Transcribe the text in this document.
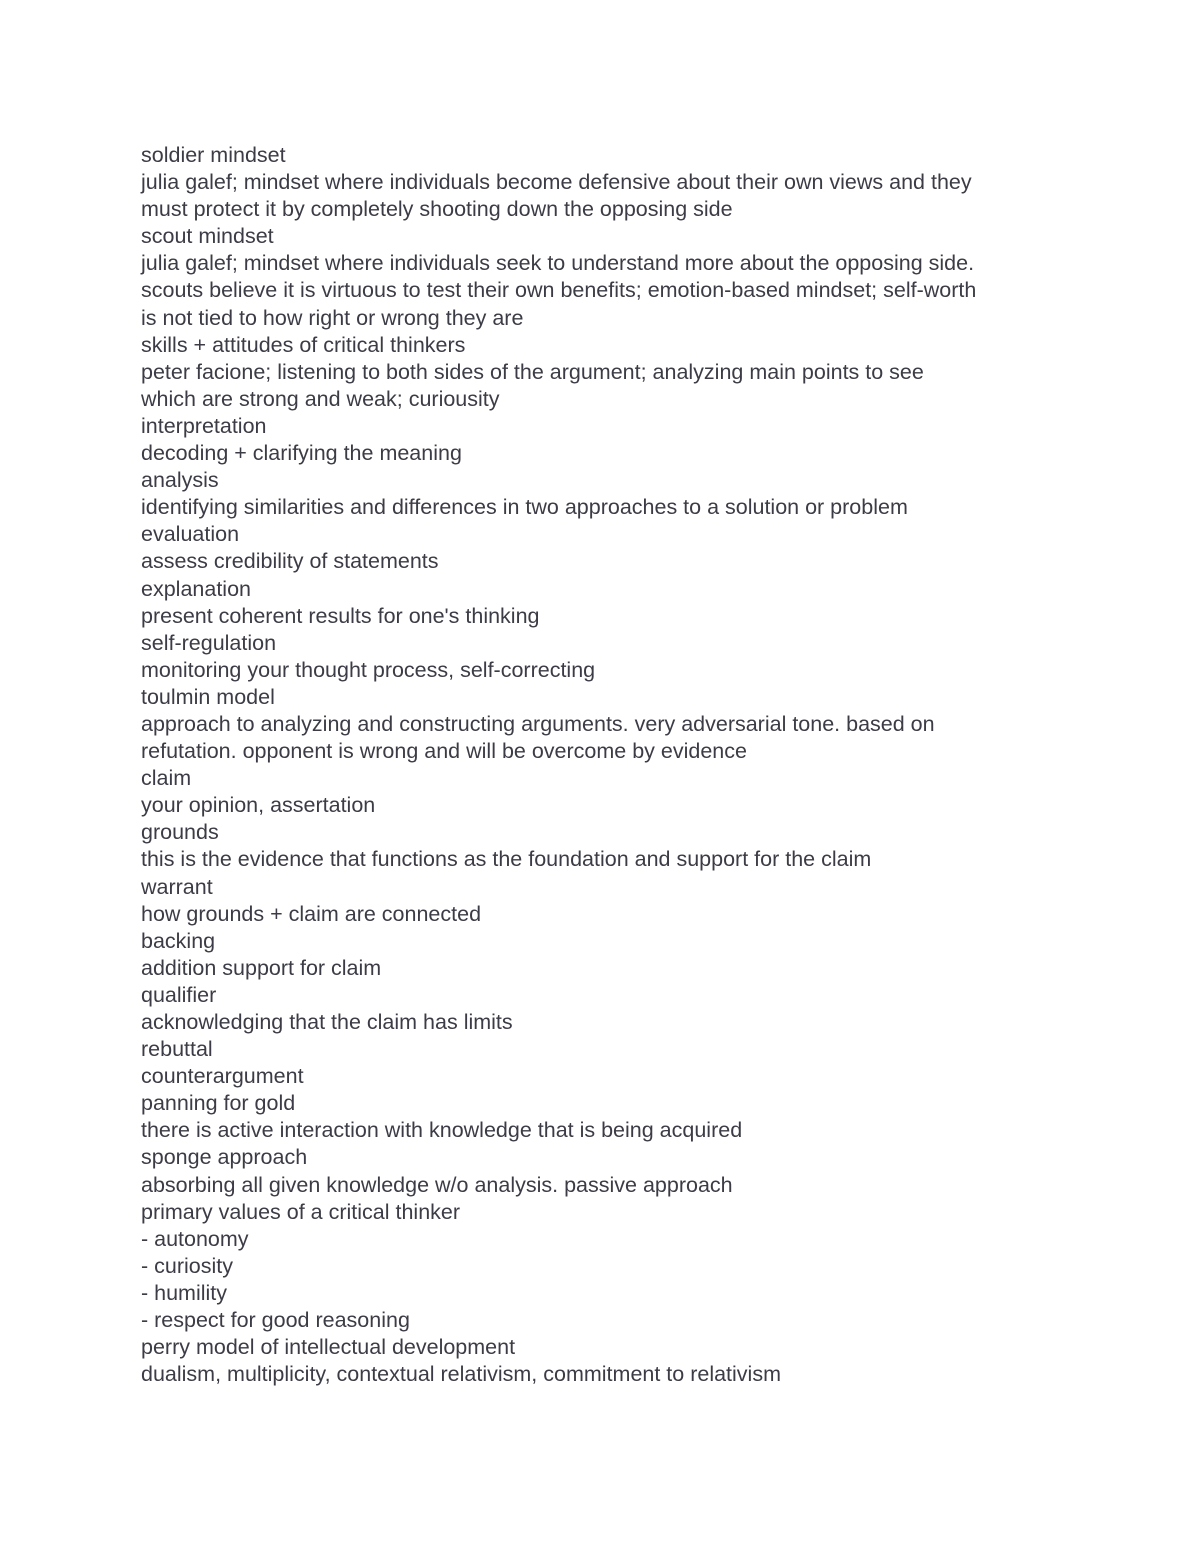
soldier mindset
julia galef; mindset where individuals become defensive about their own views and they
must protect it by completely shooting down the opposing side
scout mindset
julia galef; mindset where individuals seek to understand more about the opposing side.
scouts believe it is virtuous to test their own benefits; emotion-based mindset; self-worth
is not tied to how right or wrong they are
skills + attitudes of critical thinkers
peter facione; listening to both sides of the argument; analyzing main points to see
which are strong and weak; curiousity
interpretation
decoding + clarifying the meaning
analysis
identifying similarities and differences in two approaches to a solution or problem
evaluation
assess credibility of statements
explanation
present coherent results for one's thinking
self-regulation
monitoring your thought process, self-correcting
toulmin model
approach to analyzing and constructing arguments. very adversarial tone. based on
refutation. opponent is wrong and will be overcome by evidence
claim
your opinion, assertation
grounds
this is the evidence that functions as the foundation and support for the claim
warrant
how grounds + claim are connected
backing
addition support for claim
qualifier
acknowledging that the claim has limits
rebuttal
counterargument
panning for gold
there is active interaction with knowledge that is being acquired
sponge approach
absorbing all given knowledge w/o analysis. passive approach
primary values of a critical thinker
- autonomy
- curiosity
- humility
- respect for good reasoning
perry model of intellectual development
dualism, multiplicity, contextual relativism, commitment to relativism
